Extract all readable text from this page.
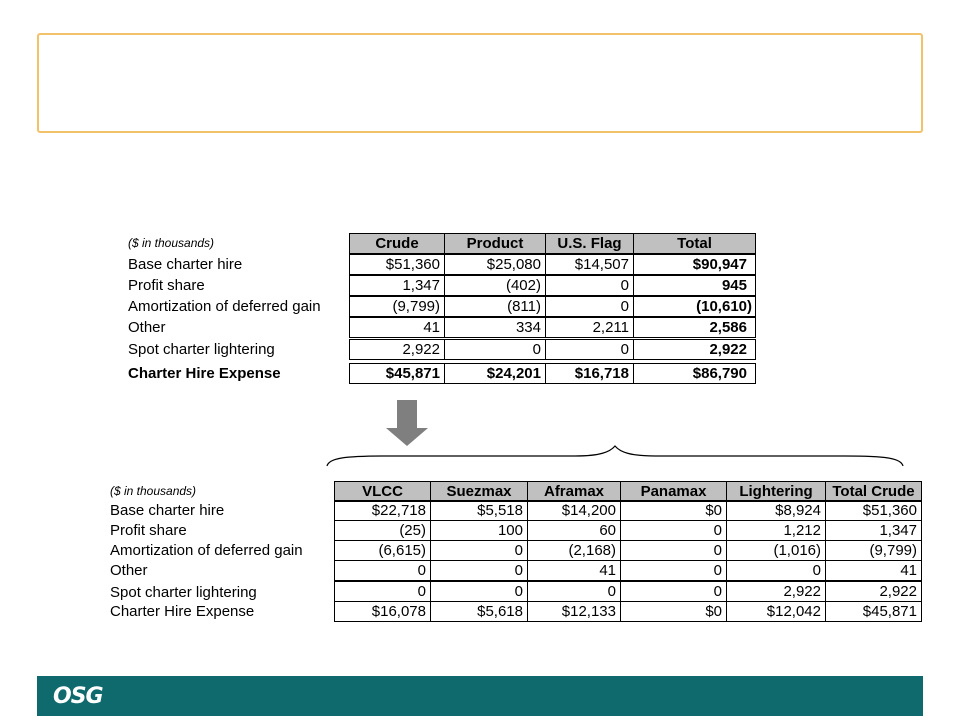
($ in thousands)	Crude	Product	U.S. Flag	Total
Base charter hire	$51,360	$25,080	$14,507	$90,947
Profit share	1,347	(402)	0	945
Amortization of deferred gain	(9,799)	(811)	0	(10,610)
Other	41	334	2,211	2,586
Spot charter lightering	2,922	0	0	2,922
Charter Hire Expense	$45,871	$24,201	$16,718	$86,790
($ in thousands)	VLCC	Suezmax	Aframax	Panamax	Lightering	Total Crude
Base charter hire	$22,718	$5,518	$14,200	$0	$8,924	$51,360
Profit share	(25)	100	60	0	1,212	1,347
Amortization of deferred gain	(6,615)	0	(2,168)	0	(1,016)	(9,799)
Other	0	0	41	0	0	41
Spot charter lightering	0	0	0	0	2,922	2,922
Charter Hire Expense	$16,078	$5,618	$12,133	$0	$12,042	$45,871
OSG
